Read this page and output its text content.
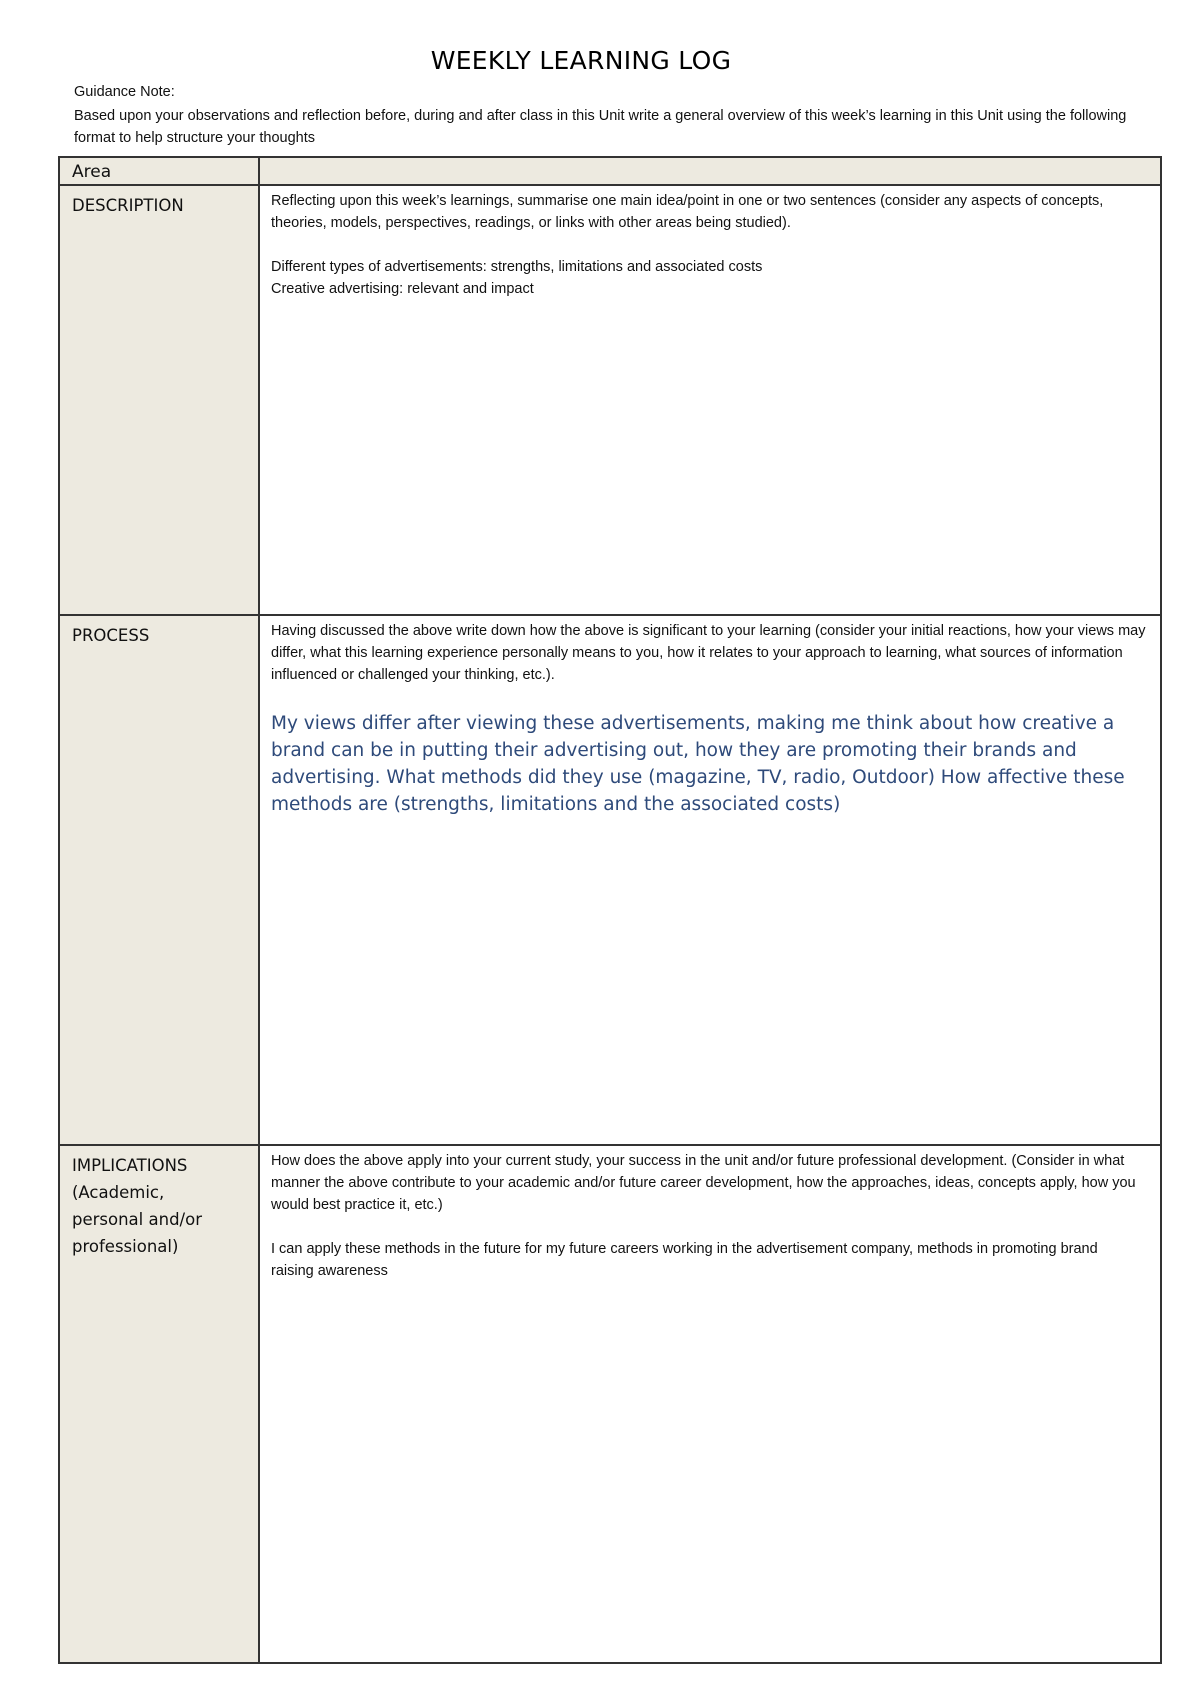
WEEKLY LEARNING LOG
Guidance Note:
Based upon your observations and reflection before, during and after class in this Unit write a general overview of this week’s learning in this Unit using the following format to help structure your thoughts
Area
DESCRIPTION	Reflecting upon this week’s learnings, summarise one main idea/point in one or two sentences (consider any aspects of concepts,
theories, models, perspectives, readings, or links with other areas being studied).
Different types of advertisements: strengths, limitations and associated costs
Creative advertising: relevant and impact
PROCESS	Having discussed the above write down how the above is significant to your learning (consider your initial reactions, how your views may differ, what this learning experience personally means to you, how it relates to your approach to learning, what sources of information influenced or challenged your thinking, etc.).
My views differ after viewing these advertisements, making me think about how creative a brand can be in putting their advertising out, how they are promoting their brands and advertising. What methods did they use (magazine, TV, radio, Outdoor) How affective these methods are (strengths, limitations and the associated costs)
IMPLICATIONS
(Academic,
personal and/or
professional)
How does the above apply into your current study, your success in the unit and/or future professional development. (Consider in what manner the above contribute to your academic and/or future career development, how the approaches, ideas, concepts apply, how you would best practice it, etc.)
I can apply these methods in the future for my future careers working in the advertisement company, methods in promoting brand raising awareness
